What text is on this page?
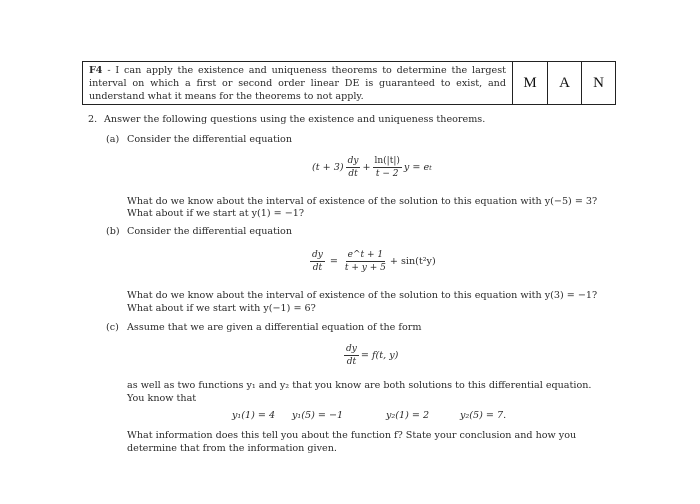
F4 - I can apply the existence and uniqueness theorems to determine the largest interval on which a first or second order linear DE is guaranteed to exist, and understand what it means for the theorems to not apply.
M	A	N
2. Answer the following questions using the existence and uniqueness theorems.
(a) Consider the differential equation
$(t + 3) \frac{dy}{dt} + \frac{\ln(|t|)}{t - 2}$ y = e t
What do we know about the interval of existence of the solution to this equation with y(−5) = 3?
What about if we start at y(1) = −1?
(b) Consider the differential equation
$\frac{dy}{dt} = \frac{e\^{}t + 1}{t + y + 5} + \sin(t^2y)$
What do we know about the interval of existence of the solution to this equation with y(3) = −1?
What about if we start with y(−1) = 6?
(c) Assume that we are given a differential equation of the form
$\frac{dy}{dt} = f(t$, y)
as well as two functions y₁ and y₂ that you know are both solutions to this differential equation.
You know that
y₁(1) = 4 y₁(5) = −1	y₂(1) = 2	y₂(5) = 7.
What information does this tell you about the function f? State your conclusion and how you
determine that from the information given.
